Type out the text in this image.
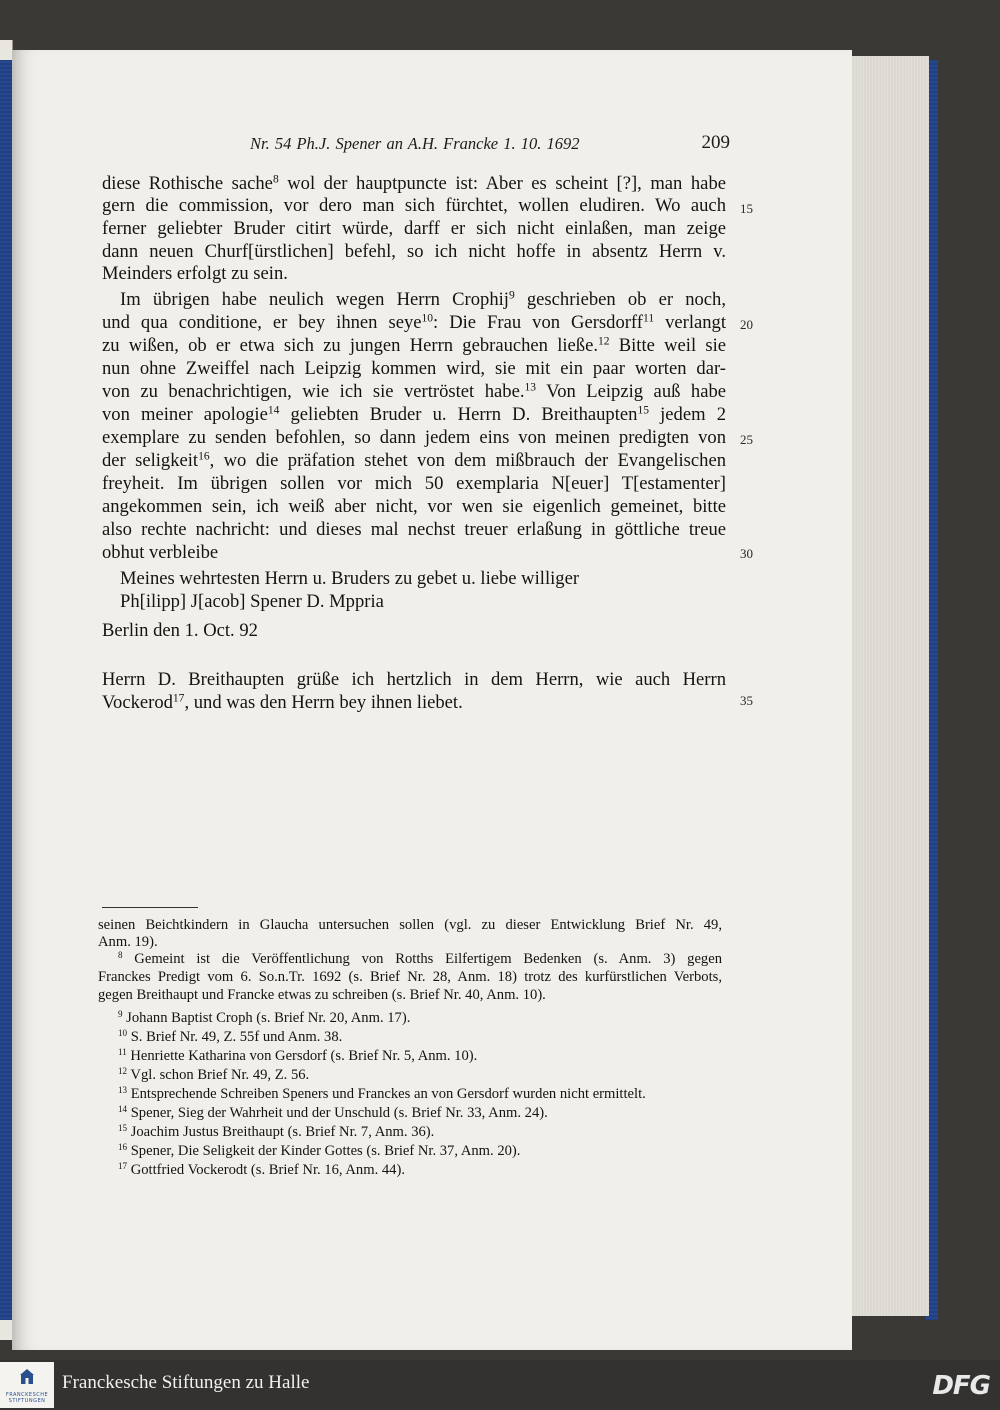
Nr. 54 Ph.J. Spener an A.H. Francke 1. 10. 1692	209
diese Rothische sache$^8$ wol der hauptpuncte ist: Aber es scheint [?], man habe
gern die commission, vor dero man sich fürchtet, wollen eludiren. Wo auch
ferner geliebter Bruder citirt würde, darff er sich nicht einlaßen, man zeige
dann neuen Churf[ürstlichen] befehl, so ich nicht hoffe in absentz Herrn v.
Meinders erfolgt zu sein.
Im übrigen habe neulich wegen Herrn Crophij$^9$ geschrieben ob er noch,
und qua conditione, er bey ihnen seye$^{10}$: Die Frau von Gersdorff$^{11}$ verlangt
zu wißen, ob er etwa sich zu jungen Herrn gebrauchen ließe.$^{12}$ Bitte weil sie
nun ohne Zweiffel nach Leipzig kommen wird, sie mit ein paar worten dar-
von zu benachrichtigen, wie ich sie vertröstet habe.$^{13}$ Von Leipzig auß habe
von meiner apologie$^{14}$ geliebten Bruder u. Herrn D. Breithaupten$^{15}$ jedem 2
exemplare zu senden befohlen, so dann jedem eins von meinen predigten von
der seligkeit$^{16}$, wo die präfation stehet von dem mißbrauch der Evangelischen
freyheit. Im übrigen sollen vor mich 50 exemplaria N[euer] T[estamenter]
angekommen sein, ich weiß aber nicht, vor wen sie eigenlich gemeinet, bitte
also rechte nachricht: und dieses mal nechst treuer erlaßung in göttliche treue
obhut verbleibe
Meines wehrtesten Herrn u. Bruders zu gebet u. liebe williger
Ph[ilipp] J[acob] Spener D. Mppria
Berlin den 1. Oct. 92
Herrn D. Breithaupten grüße ich hertzlich in dem Herrn, wie auch Herrn
Vockerod$^{17}$, und was den Herrn bey ihnen liebet.
15
20
25
30
35
seinen Beichtkindern in Glaucha untersuchen sollen (vgl. zu dieser Entwicklung Brief Nr. 49,
Anm. 19).
$^8$ Gemeint ist die Veröffentlichung von Rotths Eilfertigem Bedenken (s. Anm. 3) gegen
Franckes Predigt vom 6. So.n.Tr. 1692 (s. Brief Nr. 28, Anm. 18) trotz des kurfürstlichen Verbots,
gegen Breithaupt und Francke etwas zu schreiben (s. Brief Nr. 40, Anm. 10).
$^9$ Johann Baptist Croph (s. Brief Nr. 20, Anm. 17).
$^{10}$ S. Brief Nr. 49, Z. 55f und Anm. 38.
$^{11}$ Henriette Katharina von Gersdorf (s. Brief Nr. 5, Anm. 10).
$^{12}$ Vgl. schon Brief Nr. 49, Z. 56.
$^{13}$ Entsprechende Schreiben Speners und Franckes an von Gersdorf wurden nicht ermittelt.
$^{14}$ Spener, Sieg der Wahrheit und der Unschuld (s. Brief Nr. 33, Anm. 24).
$^{15}$ Joachim Justus Breithaupt (s. Brief Nr. 7, Anm. 36).
$^{16}$ Spener, Die Seligkeit der Kinder Gottes (s. Brief Nr. 37, Anm. 20).
$^{17}$ Gottfried Vockerodt (s. Brief Nr. 16, Anm. 44).
FRANCKESCHE STIFTUNGEN
Franckesche Stiftungen zu Halle	DFG
